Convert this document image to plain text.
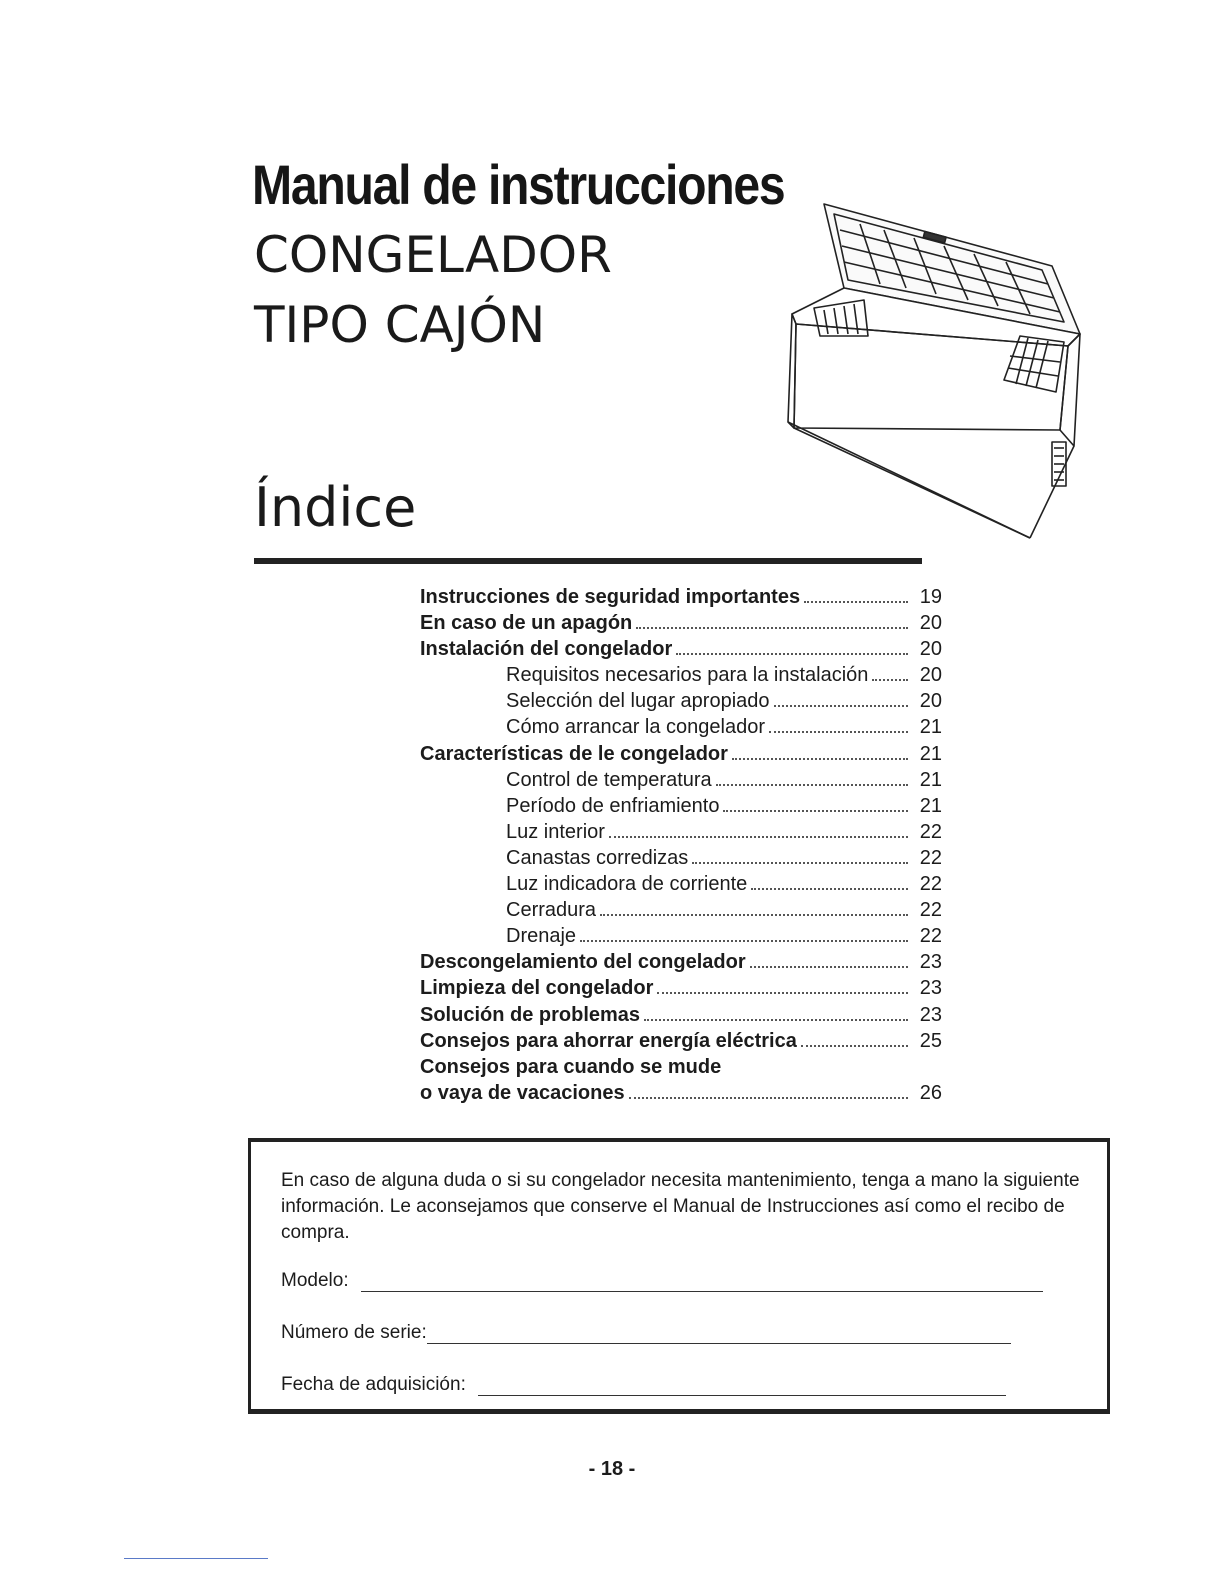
Manual de instrucciones
CONGELADOR
TIPO CAJÓN
Índice
Instrucciones de seguridad importantes	19
En caso de un apagón	20
Instalación del congelador	20
Requisitos necesarios para la instalación	20
Selección del lugar apropiado	20
Cómo arrancar la congelador	21
Características de le congelador	21
Control de temperatura	21
Período de enfriamiento	21
Luz interior	22
Canastas corredizas	22
Luz indicadora de corriente	22
Cerradura	22
Drenaje	22
Descongelamiento del congelador	23
Limpieza del congelador	23
Solución de problemas	23
Consejos para ahorrar energía eléctrica	25
Consejos para cuando se mude
o vaya de vacaciones	26
En caso de alguna duda o si su congelador necesita mantenimiento, tenga a mano la siguiente información. Le aconsejamos que conserve el Manual de Instrucciones así como el recibo de compra.
Modelo:
Número de serie:
Fecha de adquisición:
- 18 -
